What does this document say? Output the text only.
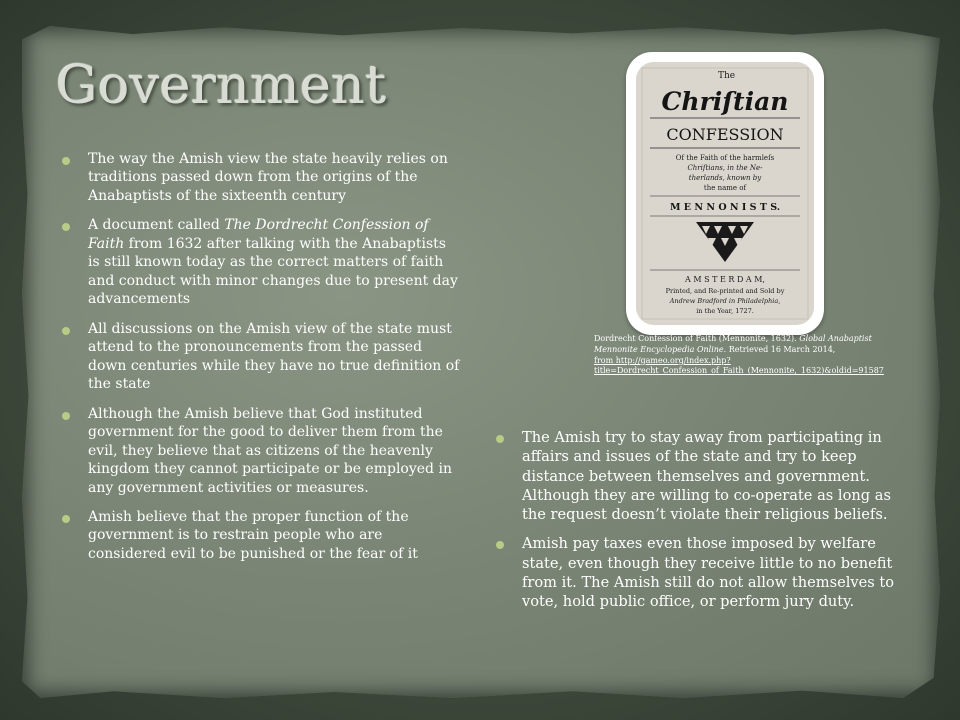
Government
The way the Amish view the state heavily relies on traditions passed down from the origins of the Anabaptists of the sixteenth century
A document called The Dordrecht Confession of Faith from 1632 after talking with the Anabaptists is still known today as the correct matters of faith and conduct with minor changes due to present day advancements
All discussions on the Amish view of the state must attend to the pronouncements from the passed down centuries while they have no true definition of the state
Although the Amish believe that God instituted government for the good to deliver them from the evil, they believe that as citizens of the heavenly kingdom they cannot participate or be employed in any government activities or measures.
Amish believe that the proper function of the government is to restrain people who are considered evil to be punished or the fear of it
The
Chriſtian
CONFESSION
Of the Faith of the harmleſs
Chriſtians, in the Ne-
therlands, known by
the name of
M E N N O N I S T S.
A M S T E R D A M,
Printed, and Re-printed and Sold by
Andrew Bradford in Philadelphia,
in the Year, 1727.
Dordrecht Confession of Faith (Mennonite, 1632). Global Anabaptist Mennonite Encyclopedia Online. Retrieved 16 March 2014,
from http://gameo.org/index.php?title=Dordrecht_Confession_of_Faith_(Mennonite,_1632)&oldid=91587
The Amish try to stay away from participating in affairs and issues of the state and try to keep distance between themselves and government. Although they are willing to co-operate as long as the request doesn’t violate their religious beliefs.
Amish pay taxes even those imposed by welfare state, even though they receive little to no benefit from it. The Amish still do not allow themselves to vote, hold public office, or perform jury duty.
